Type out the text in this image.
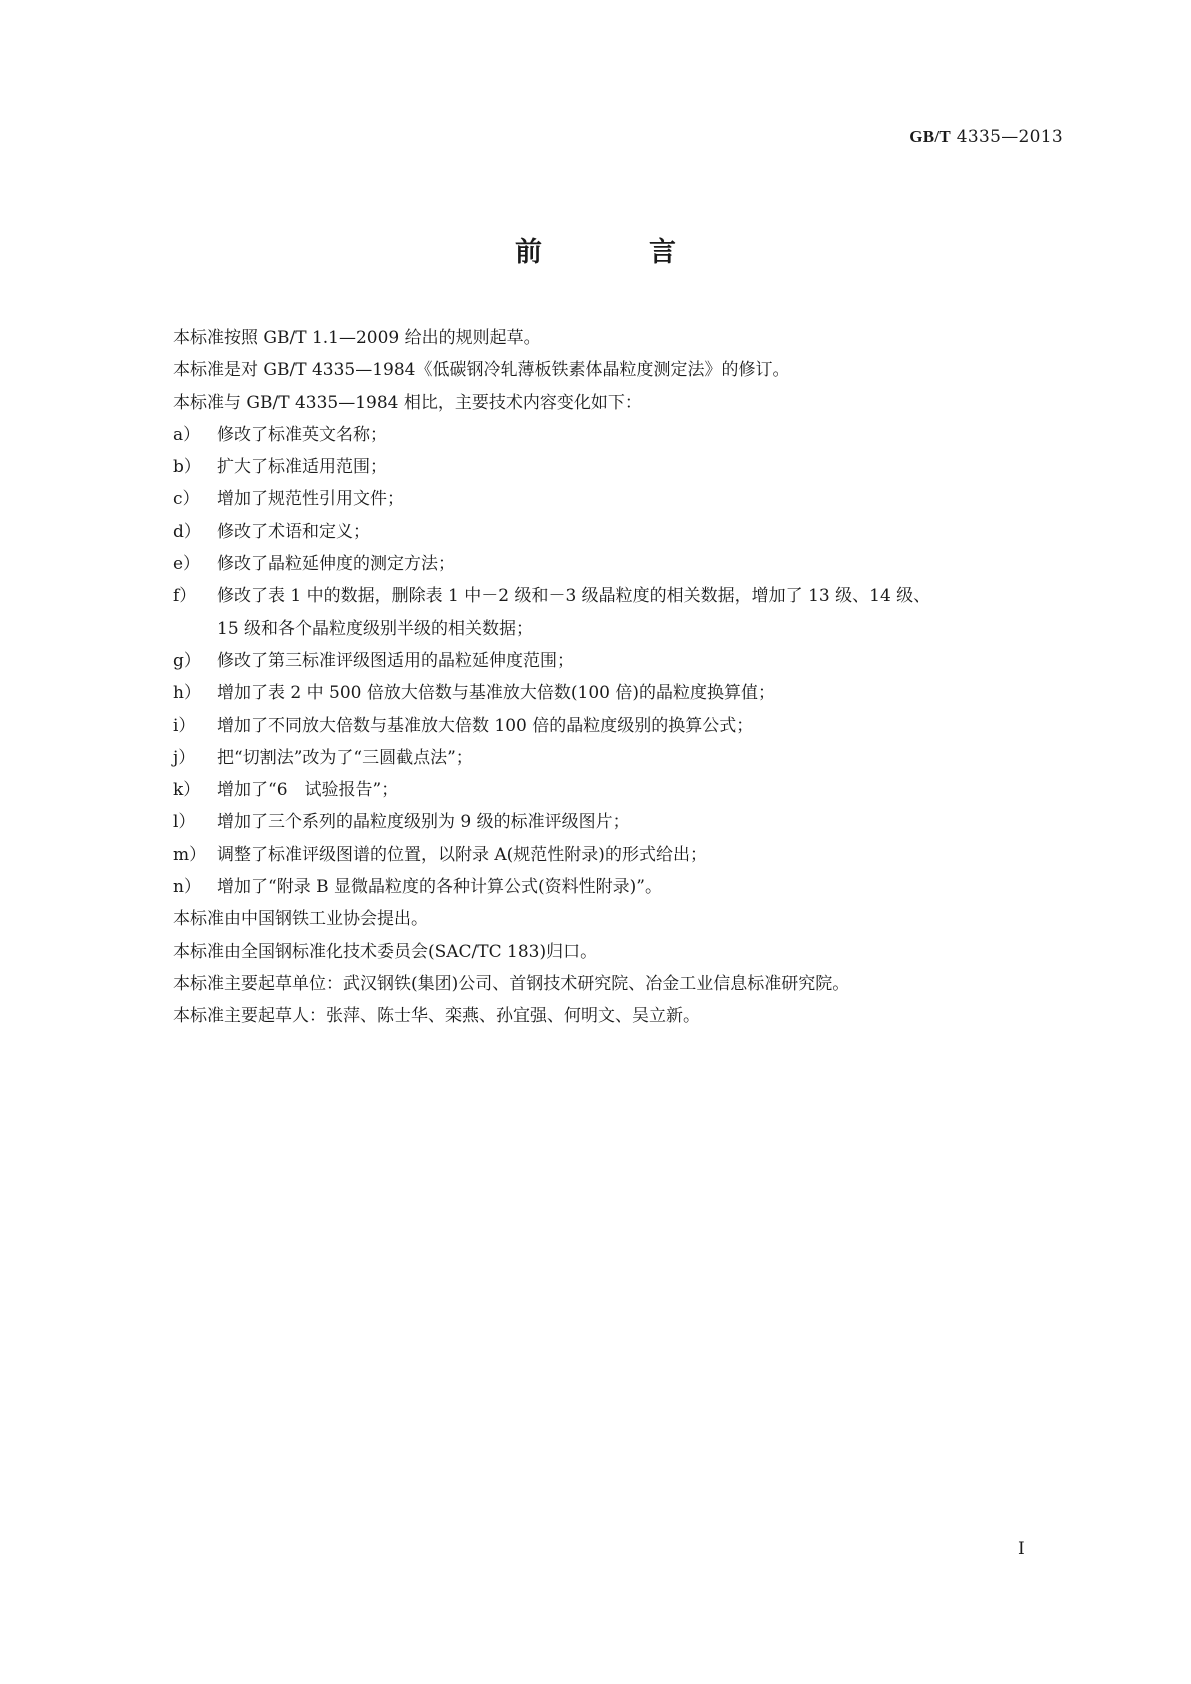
GB/T 4335—2013
前　言
本标准按照 GB/T 1.1—2009 给出的规则起草。
本标准是对 GB/T 4335—1984《低碳钢冷轧薄板铁素体晶粒度测定法》的修订。
本标准与 GB/T 4335—1984 相比，主要技术内容变化如下：
a） 修改了标准英文名称；
b） 扩大了标准适用范围；
c）	增加了规范性引用文件；
d） 修改了术语和定义；
e） 修改了晶粒延伸度的测定方法；
f）	修改了表 1 中的数据，删除表 1 中－2 级和－3 级晶粒度的相关数据，增加了 13 级、14 级、
15 级和各个晶粒度级别半级的相关数据；
g） 修改了第三标准评级图适用的晶粒延伸度范围；
h） 增加了表 2 中 500 倍放大倍数与基准放大倍数(100 倍)的晶粒度换算值；
i）	增加了不同放大倍数与基准放大倍数 100 倍的晶粒度级别的换算公式；
j）	把“切割法”改为了“三圆截点法”；
k） 增加了“6　试验报告”；
l）	增加了三个系列的晶粒度级别为 9 级的标准评级图片；
m） 调整了标准评级图谱的位置，以附录 A(规范性附录)的形式给出；
n） 增加了“附录 B 显微晶粒度的各种计算公式(资料性附录)”。
本标准由中国钢铁工业协会提出。
本标准由全国钢标准化技术委员会(SAC/TC 183)归口。
本标准主要起草单位：武汉钢铁(集团)公司、首钢技术研究院、冶金工业信息标准研究院。
本标准主要起草人：张萍、陈士华、栾燕、孙宜强、何明文、吴立新。
I
